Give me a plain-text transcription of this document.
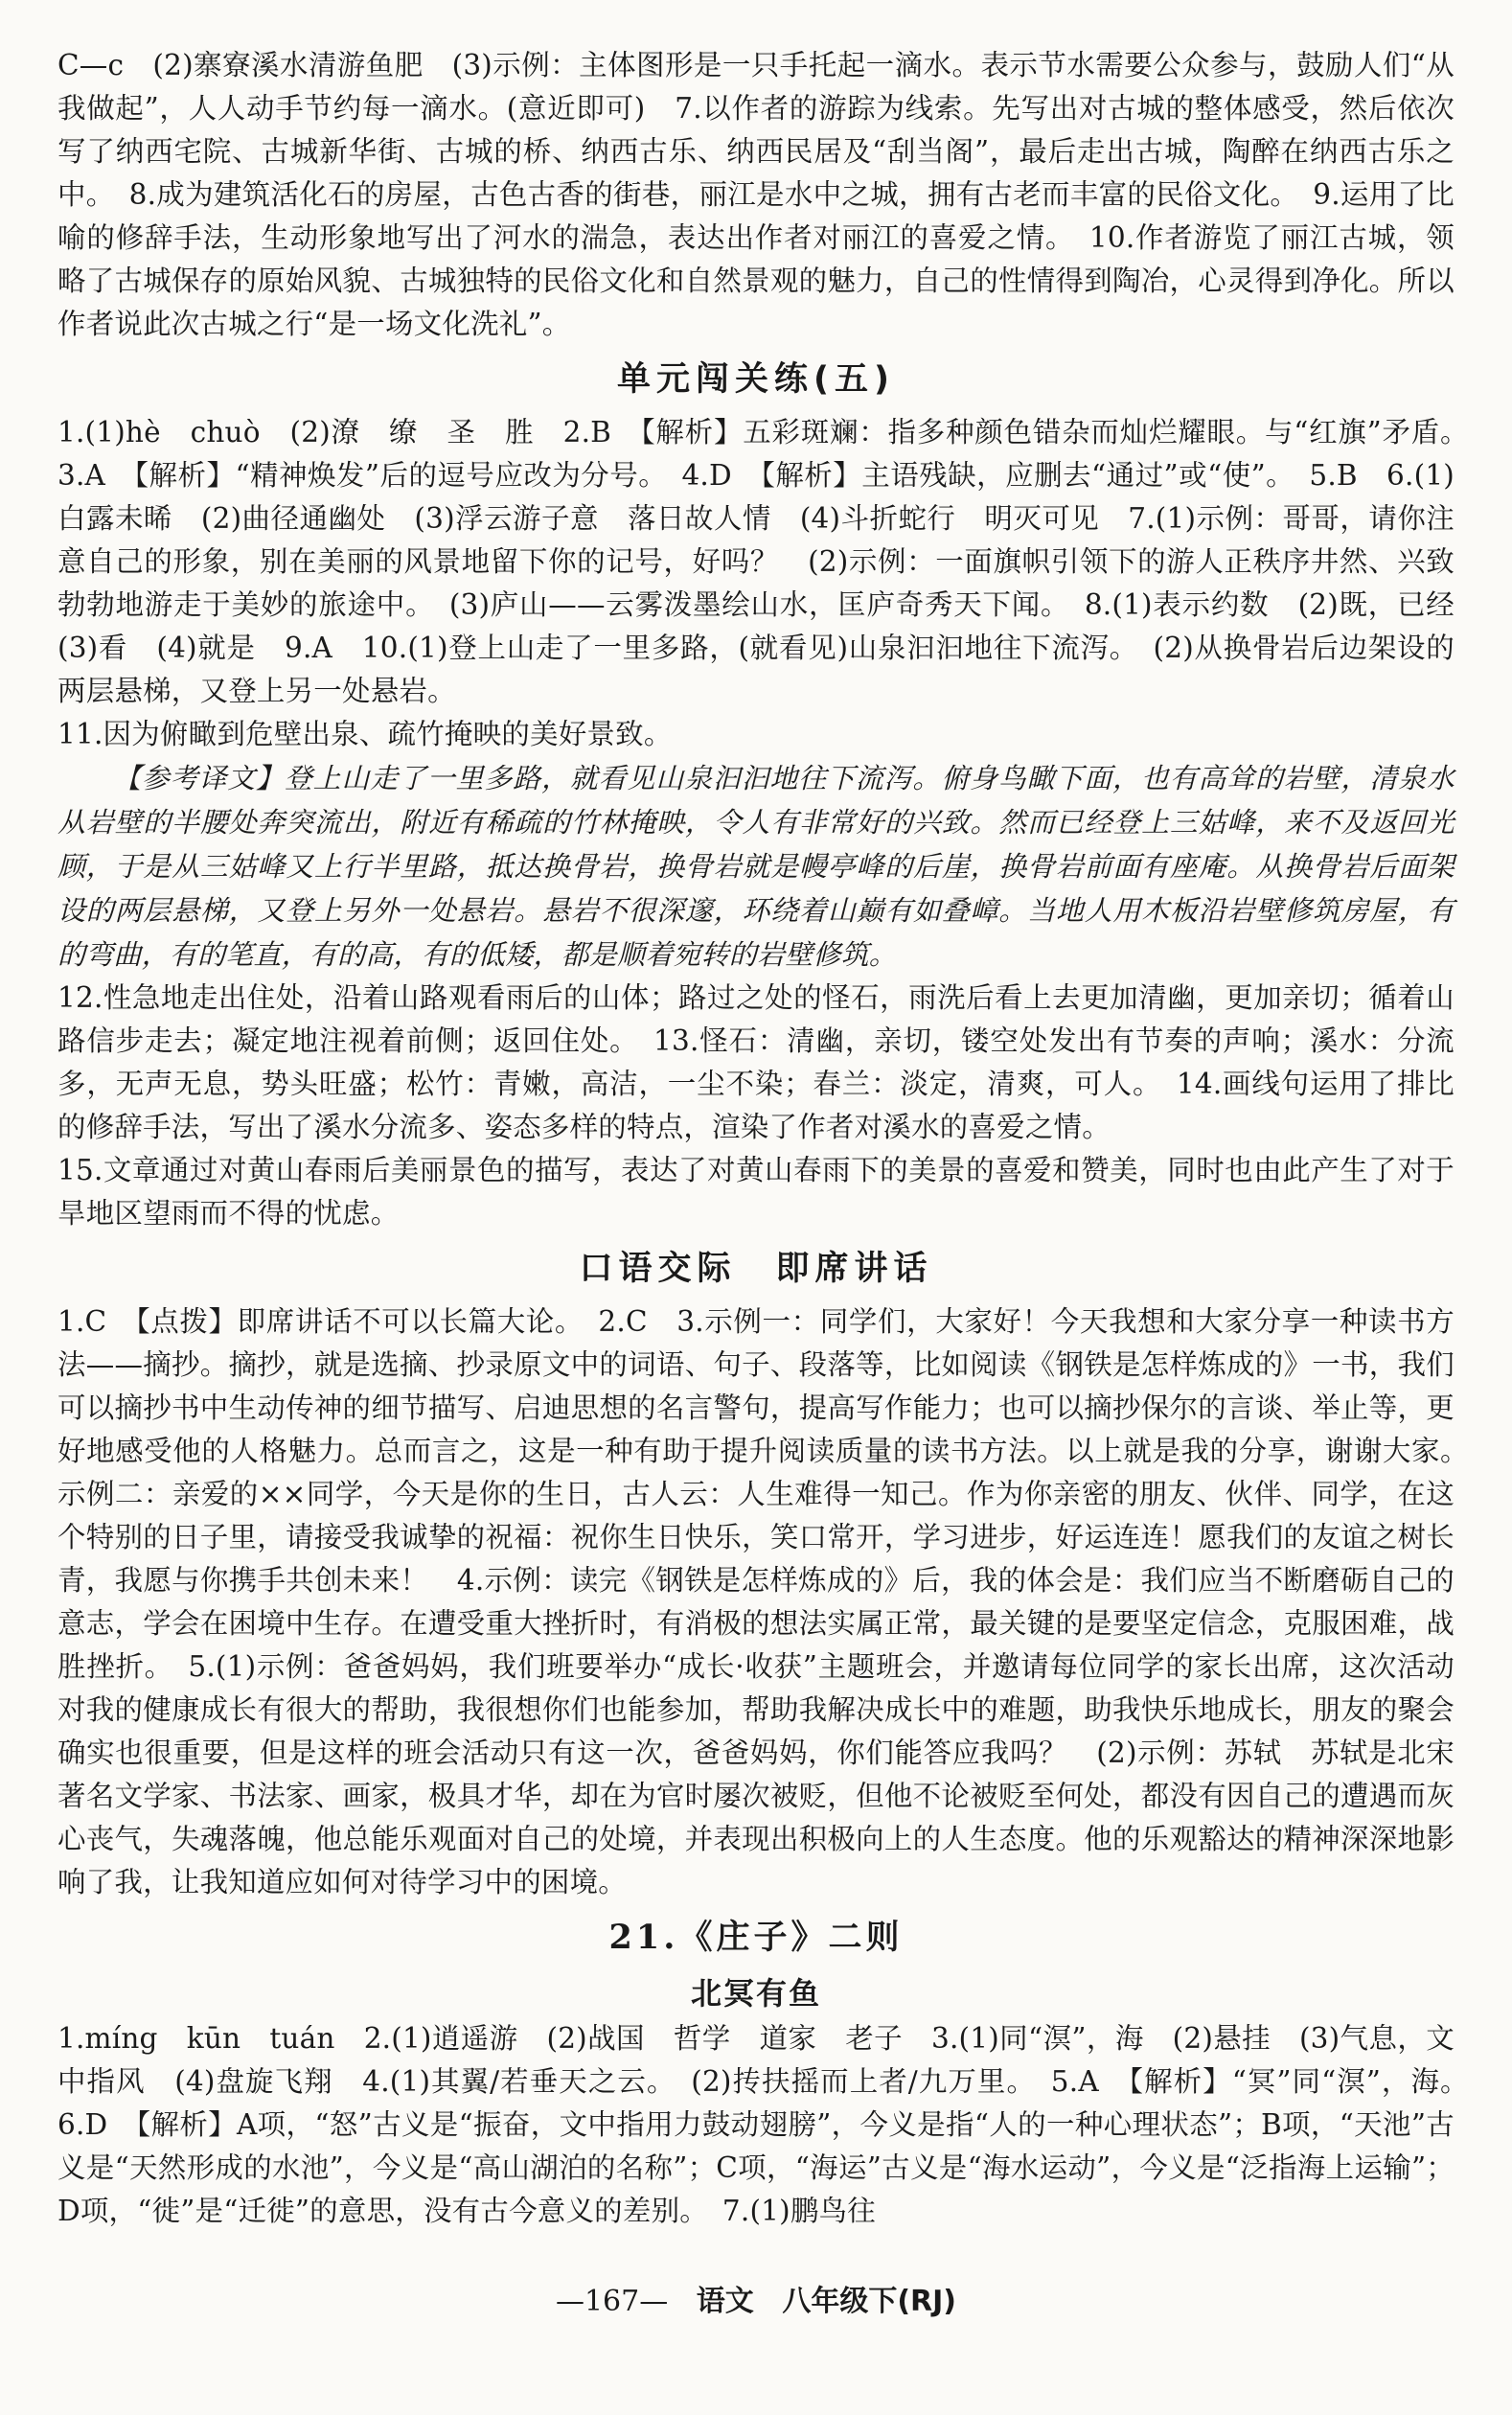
C—c　(2)寨寮溪水清游鱼肥　(3)示例：主体图形是一只手托起一滴水。表示节水需要公众参与，鼓励人们“从我做起”，人人动手节约每一滴水。(意近即可)　7.以作者的游踪为线索。先写出对古城的整体感受，然后依次写了纳西宅院、古城新华街、古城的桥、纳西古乐、纳西民居及“刮当阁”，最后走出古城，陶醉在纳西古乐之中。　8.成为建筑活化石的房屋，古色古香的街巷，丽江是水中之城，拥有古老而丰富的民俗文化。　9.运用了比喻的修辞手法，生动形象地写出了河水的湍急，表达出作者对丽江的喜爱之情。　10.作者游览了丽江古城，领略了古城保存的原始风貌、古城独特的民俗文化和自然景观的魅力，自己的性情得到陶冶，心灵得到净化。所以作者说此次古城之行“是一场文化洗礼”。

单元闯关练(五)

1.(1)hè　chuò　(2)潦　缭　圣　胜　2.B　【解析】五彩斑斓：指多种颜色错杂而灿烂耀眼。与“红旗”矛盾。　3.A　【解析】“精神焕发”后的逗号应改为分号。　4.D　【解析】主语残缺，应删去“通过”或“使”。　5.B　6.(1)白露未晞　(2)曲径通幽处　(3)浮云游子意　落日故人情　(4)斗折蛇行　明灭可见　7.(1)示例：哥哥，请你注意自己的形象，别在美丽的风景地留下你的记号，好吗？　(2)示例：一面旗帜引领下的游人正秩序井然、兴致勃勃地游走于美妙的旅途中。　(3)庐山——云雾泼墨绘山水，匡庐奇秀天下闻。　8.(1)表示约数　(2)既，已经　(3)看　(4)就是　9.A　10.(1)登上山走了一里多路，(就看见)山泉汩汩地往下流泻。　(2)从换骨岩后边架设的两层悬梯，又登上另一处悬岩。

11.因为俯瞰到危壁出泉、疏竹掩映的美好景致。

【参考译文】登上山走了一里多路，就看见山泉汩汩地往下流泻。俯身鸟瞰下面，也有高耸的岩壁，清泉水从岩壁的半腰处奔突流出，附近有稀疏的竹林掩映，令人有非常好的兴致。然而已经登上三姑峰，来不及返回光顾，于是从三姑峰又上行半里路，抵达换骨岩，换骨岩就是幔亭峰的后崖，换骨岩前面有座庵。从换骨岩后面架设的两层悬梯，又登上另外一处悬岩。悬岩不很深邃，环绕着山巅有如叠嶂。当地人用木板沿岩壁修筑房屋，有的弯曲，有的笔直，有的高，有的低矮，都是顺着宛转的岩壁修筑。

12.性急地走出住处，沿着山路观看雨后的山体；路过之处的怪石，雨洗后看上去更加清幽，更加亲切；循着山路信步走去；凝定地注视着前侧；返回住处。　13.怪石：清幽，亲切，镂空处发出有节奏的声响；溪水：分流多，无声无息，势头旺盛；松竹：青嫩，高洁，一尘不染；春兰：淡定，清爽，可人。　14.画线句运用了排比的修辞手法，写出了溪水分流多、姿态多样的特点，渲染了作者对溪水的喜爱之情。

15.文章通过对黄山春雨后美丽景色的描写，表达了对黄山春雨下的美景的喜爱和赞美，同时也由此产生了对于旱地区望雨而不得的忧虑。

口语交际　即席讲话

1.C　【点拨】即席讲话不可以长篇大论。　2.C　3.示例一：同学们，大家好！今天我想和大家分享一种读书方法——摘抄。摘抄，就是选摘、抄录原文中的词语、句子、段落等，比如阅读《钢铁是怎样炼成的》一书，我们可以摘抄书中生动传神的细节描写、启迪思想的名言警句，提高写作能力；也可以摘抄保尔的言谈、举止等，更好地感受他的人格魅力。总而言之，这是一种有助于提升阅读质量的读书方法。以上就是我的分享，谢谢大家。　示例二：亲爱的××同学，今天是你的生日，古人云：人生难得一知己。作为你亲密的朋友、伙伴、同学，在这个特别的日子里，请接受我诚挚的祝福：祝你生日快乐，笑口常开，学习进步，好运连连！愿我们的友谊之树长青，我愿与你携手共创未来！　4.示例：读完《钢铁是怎样炼成的》后，我的体会是：我们应当不断磨砺自己的意志，学会在困境中生存。在遭受重大挫折时，有消极的想法实属正常，最关键的是要坚定信念，克服困难，战胜挫折。　5.(1)示例：爸爸妈妈，我们班要举办“成长·收获”主题班会，并邀请每位同学的家长出席，这次活动对我的健康成长有很大的帮助，我很想你们也能参加，帮助我解决成长中的难题，助我快乐地成长，朋友的聚会确实也很重要，但是这样的班会活动只有这一次，爸爸妈妈，你们能答应我吗？　(2)示例：苏轼　苏轼是北宋著名文学家、书法家、画家，极具才华，却在为官时屡次被贬，但他不论被贬至何处，都没有因自己的遭遇而灰心丧气，失魂落魄，他总能乐观面对自己的处境，并表现出积极向上的人生态度。他的乐观豁达的精神深深地影响了我，让我知道应如何对待学习中的困境。

21.《庄子》二则
北冥有鱼

1.míng　kūn　tuán　2.(1)逍遥游　(2)战国　哲学　道家　老子　3.(1)同“溟”，海　(2)悬挂　(3)气息，文中指风　(4)盘旋飞翔　4.(1)其翼/若垂天之云。　(2)抟扶摇而上者/九万里。　5.A　【解析】“冥”同“溟”，海。　6.D　【解析】A项，“怒”古义是“振奋，文中指用力鼓动翅膀”，今义是指“人的一种心理状态”；B项，“天池”古义是“天然形成的水池”，今义是“高山湖泊的名称”；C项，“海运”古义是“海水运动”，今义是“泛指海上运输”；D项，“徙”是“迁徙”的意思，没有古今意义的差别。　7.(1)鹏鸟往

—167— 语文 八年级下(RJ)
